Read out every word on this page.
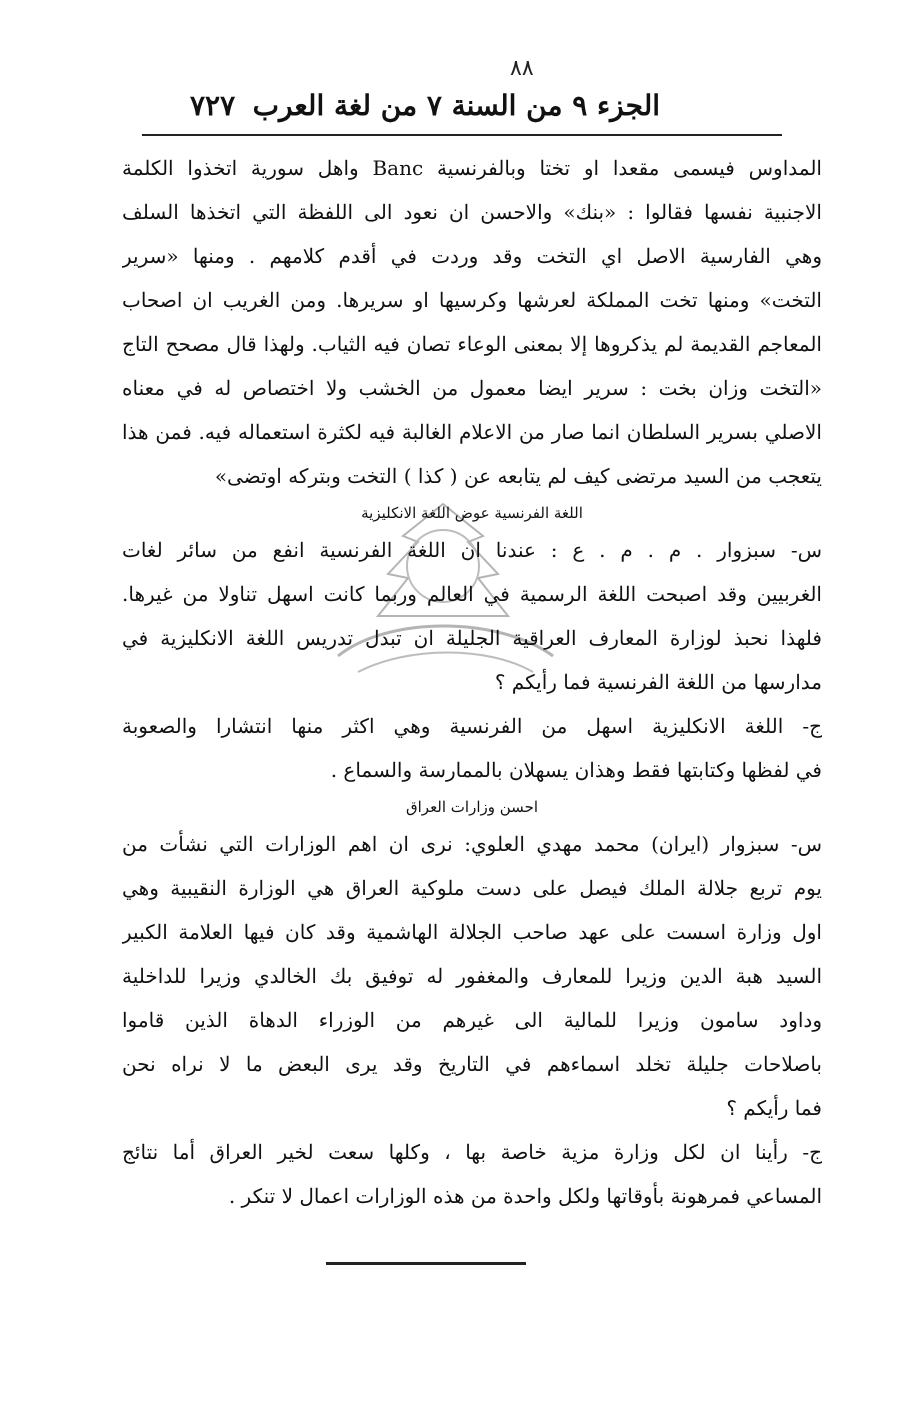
٨٨
الجزء ٩ من السنة ٧ من لغة العرب
٧٢٧
المداوس فيسمى مقعدا او تختا وبالفرنسية Banc واهل سورية اتخذوا الكلمة
الاجنبية نفسها فقالوا : «بنك» والاحسن ان نعود الى اللفظة التي اتخذها السلف
وهي الفارسية الاصل اي التخت وقد وردت في أقدم كلامهم . ومنها «سرير
التخت» ومنها تخت المملكة لعرشها وكرسيها او سريرها. ومن الغريب ان اصحاب
المعاجم القديمة لم يذكروها إلا بمعنى الوعاء تصان فيه الثياب. ولهذا قال مصحح التاج
«التخت وزان بخت : سرير ايضا معمول من الخشب ولا اختصاص له في معناه
الاصلي بسرير السلطان انما صار من الاعلام الغالبة فيه لكثرة استعماله فيه. فمن هذا
يتعجب من السيد مرتضى كيف لم يتابعه عن ( كذا ) التخت وبتركه اوتضى»
اللغة الفرنسية عوض اللغة الانكليزية
س- سبزوار . م . م . ع : عندنا ان اللغة الفرنسية انفع من سائر لغات
الغربيين وقد اصبحت اللغة الرسمية في العالم وربما كانت اسهل تناولا من غيرها.
فلهذا نحبذ لوزارة المعارف العراقية الجليلة ان تبدل تدريس اللغة الانكليزية في
مدارسها من اللغة الفرنسية فما رأيكم ؟
ج- اللغة الانكليزية اسهل من الفرنسية وهي اكثر منها انتشارا والصعوبة
في لفظها وكتابتها فقط وهذان يسهلان بالممارسة والسماع .
احسن وزارات العراق
س- سبزوار (ايران) محمد مهدي العلوي: نرى ان اهم الوزارات التي نشأت من
يوم تربع جلالة الملك فيصل على دست ملوكية العراق هي الوزارة النقيبية وهي
اول وزارة اسست على عهد صاحب الجلالة الهاشمية وقد كان فيها العلامة الكبير
السيد هبة الدين وزيرا للمعارف والمغفور له توفيق بك الخالدي وزيرا للداخلية
وداود سامون وزيرا للمالية الى غيرهم من الوزراء الدهاة الذين قاموا
باصلاحات جليلة تخلد اسماءهم في التاريخ وقد يرى البعض ما لا نراه نحن
فما رأيكم ؟
ج- رأينا ان لكل وزارة مزية خاصة بها ، وكلها سعت لخير العراق أما نتائج
المساعي فمرهونة بأوقاتها ولكل واحدة من هذه الوزارات اعمال لا تنكر .
